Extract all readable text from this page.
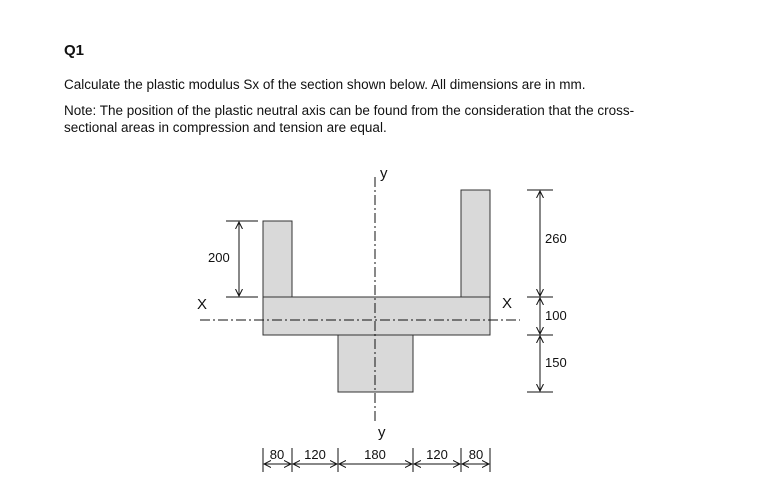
Q1
Calculate the plastic modulus Sx of the section shown below. All dimensions are in mm.
Note: The position of the plastic neutral axis can be found from the consideration that the cross-
sectional areas in compression and tension are equal.
X	X
y
y
200
260
100
150
80 120	180	120 80
